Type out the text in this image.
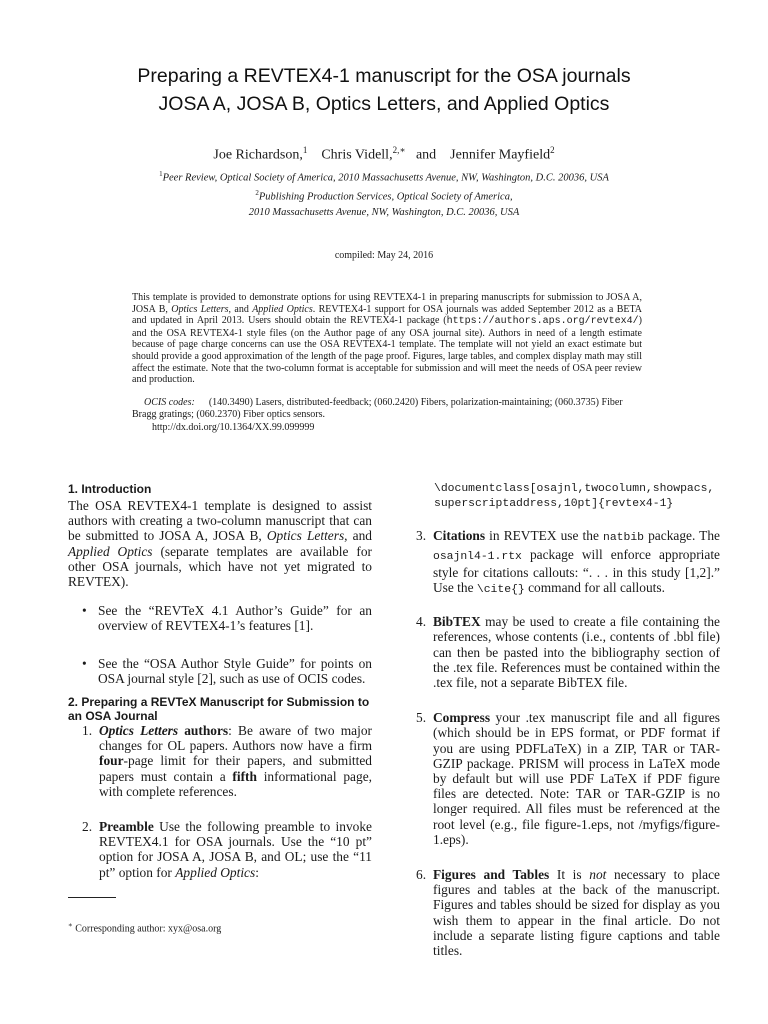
Preparing a REVTEX4-1 manuscript for the OSA journals
JOSA A, JOSA B, Optics Letters, and Applied Optics
Joe Richardson,$^1$ Chris Videll,$^{2,∗}$ and Jennifer Mayfield$^2$
$^1$Peer Review, Optical Society of America, 2010 Massachusetts Avenue, NW, Washington, D.C. 20036, USA
$^2$Publishing Production Services, Optical Society of America,
2010 Massachusetts Avenue, NW, Washington, D.C. 20036, USA
compiled: May 24, 2016

This template is provided to demonstrate options for using REVTEX4-1 in preparing manuscripts for submission to JOSA A, JOSA B, Optics Letters, and Applied Optics. REVTEX4-1 support for OSA journals was added September 2012 as a BETA and updated in April 2013. Users should obtain the REVTEX4-1 package (https://authors.aps.org/revtex4/) and the OSA REVTEX4-1 style files (on the Author page of any OSA journal site). Authors in need of a length estimate because of page charge concerns can use the OSA REVTEX4-1 template. The template will not yield an exact estimate but should provide a good approximation of the length of the page proof. Figures, large tables, and complex display math may still affect the estimate. Note that the two-column format is acceptable for submission and will meet the needs of OSA peer review and production.

OCIS codes: (140.3490) Lasers, distributed-feedback; (060.2420) Fibers, polarization-maintaining; (060.3735) Fiber Bragg gratings; (060.2370) Fiber optics sensors.
http://dx.doi.org/10.1364/XX.99.099999
1. Introduction

The OSA REVTEX4-1 template is designed to assist authors with creating a two-column manuscript that can be submitted to JOSA A, JOSA B, Optics Letters, and Applied Optics (separate templates are available for other OSA journals, which have not yet migrated to REVTEX).

• See the “REVTeX 4.1 Author’s Guide” for an overview of REVTEX4-1’s features [1].
• See the “OSA Author Style Guide” for points on OSA journal style [2], such as use of OCIS codes.
2. Preparing a REVTeX Manuscript for Submission to an OSA Journal
1. Optics Letters authors: Be aware of two major changes for OL papers. Authors now have a firm four-page limit for their papers, and submitted papers must contain a fifth informational page, with complete references.
2. Preamble Use the following preamble to invoke REVTEX4.1 for OSA journals. Use the “10 pt” option for JOSA A, JOSA B, and OL; use the “11 pt” option for Applied Optics:
∗ Corresponding author: xyx@osa.org
\documentclass[osajnl,twocolumn,showpacs,
superscriptaddress,10pt]{revtex4-1}
3. Citations in REVTEX use the natbib package. The osajnl4-1.rtx package will enforce appropriate style for citations callouts: “. . . in this study [1,2].” Use the \cite{} command for all callouts.
4. BibTEX may be used to create a file containing the references, whose contents (i.e., contents of .bbl file) can then be pasted into the bibliography section of the .tex file. References must be contained within the .tex file, not a separate BibTEX file.
5. Compress your .tex manuscript file and all figures (which should be in EPS format, or PDF format if you are using PDFLaTeX) in a ZIP, TAR or TAR-GZIP package. PRISM will process in LaTeX mode by default but will use PDF LaTeX if PDF figure files are detected. Note: TAR or TAR-GZIP is no longer required. All files must be referenced at the root level (e.g., file figure-1.eps, not /myfigs/figure-1.eps).
6. Figures and Tables It is not necessary to place figures and tables at the back of the manuscript. Figures and tables should be sized for display as you wish them to appear in the final article. Do not include a separate listing figure captions and table titles.
